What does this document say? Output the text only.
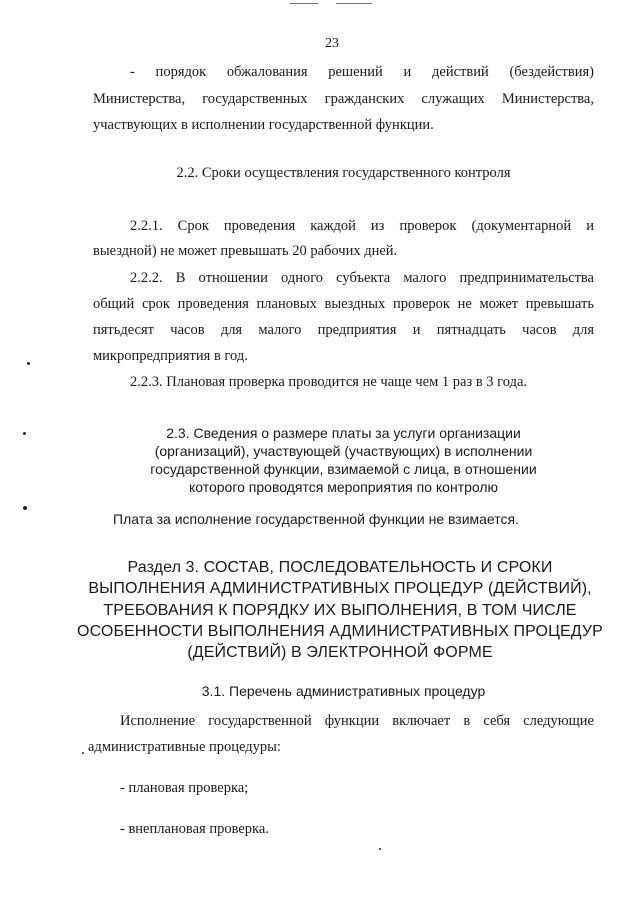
23
- порядок обжалования решений и действий (бездействия)
Министерства, государственных гражданских служащих Министерства,
участвующих в исполнении государственной функции.
2.2. Сроки осуществления государственного контроля
2.2.1. Срок проведения каждой из проверок (документарной и
выездной) не может превышать 20 рабочих дней.
2.2.2. В отношении одного субъекта малого предпринимательства
общий срок проведения плановых выездных проверок не может превышать
пятьдесят часов для малого предприятия и пятнадцать часов для
микропредприятия в год.
2.2.3. Плановая проверка проводится не чаще чем 1 раз в 3 года.
2.3. Сведения о размере платы за услуги организации
(организаций), участвующей (участвующих) в исполнении
государственной функции, взимаемой с лица, в отношении
которого проводятся мероприятия по контролю
Плата за исполнение государственной функции не взимается.
Раздел 3. СОСТАВ, ПОСЛЕДОВАТЕЛЬНОСТЬ И СРОКИ
ВЫПОЛНЕНИЯ АДМИНИСТРАТИВНЫХ ПРОЦЕДУР (ДЕЙСТВИЙ),
ТРЕБОВАНИЯ К ПОРЯДКУ ИХ ВЫПОЛНЕНИЯ, В ТОМ ЧИСЛЕ
ОСОБЕННОСТИ ВЫПОЛНЕНИЯ АДМИНИСТРАТИВНЫХ ПРОЦЕДУР
(ДЕЙСТВИЙ) В ЭЛЕКТРОННОЙ ФОРМЕ
3.1. Перечень административных процедур
Исполнение государственной функции включает в себя следующие
административные процедуры:
- плановая проверка;
- внеплановая проверка.
